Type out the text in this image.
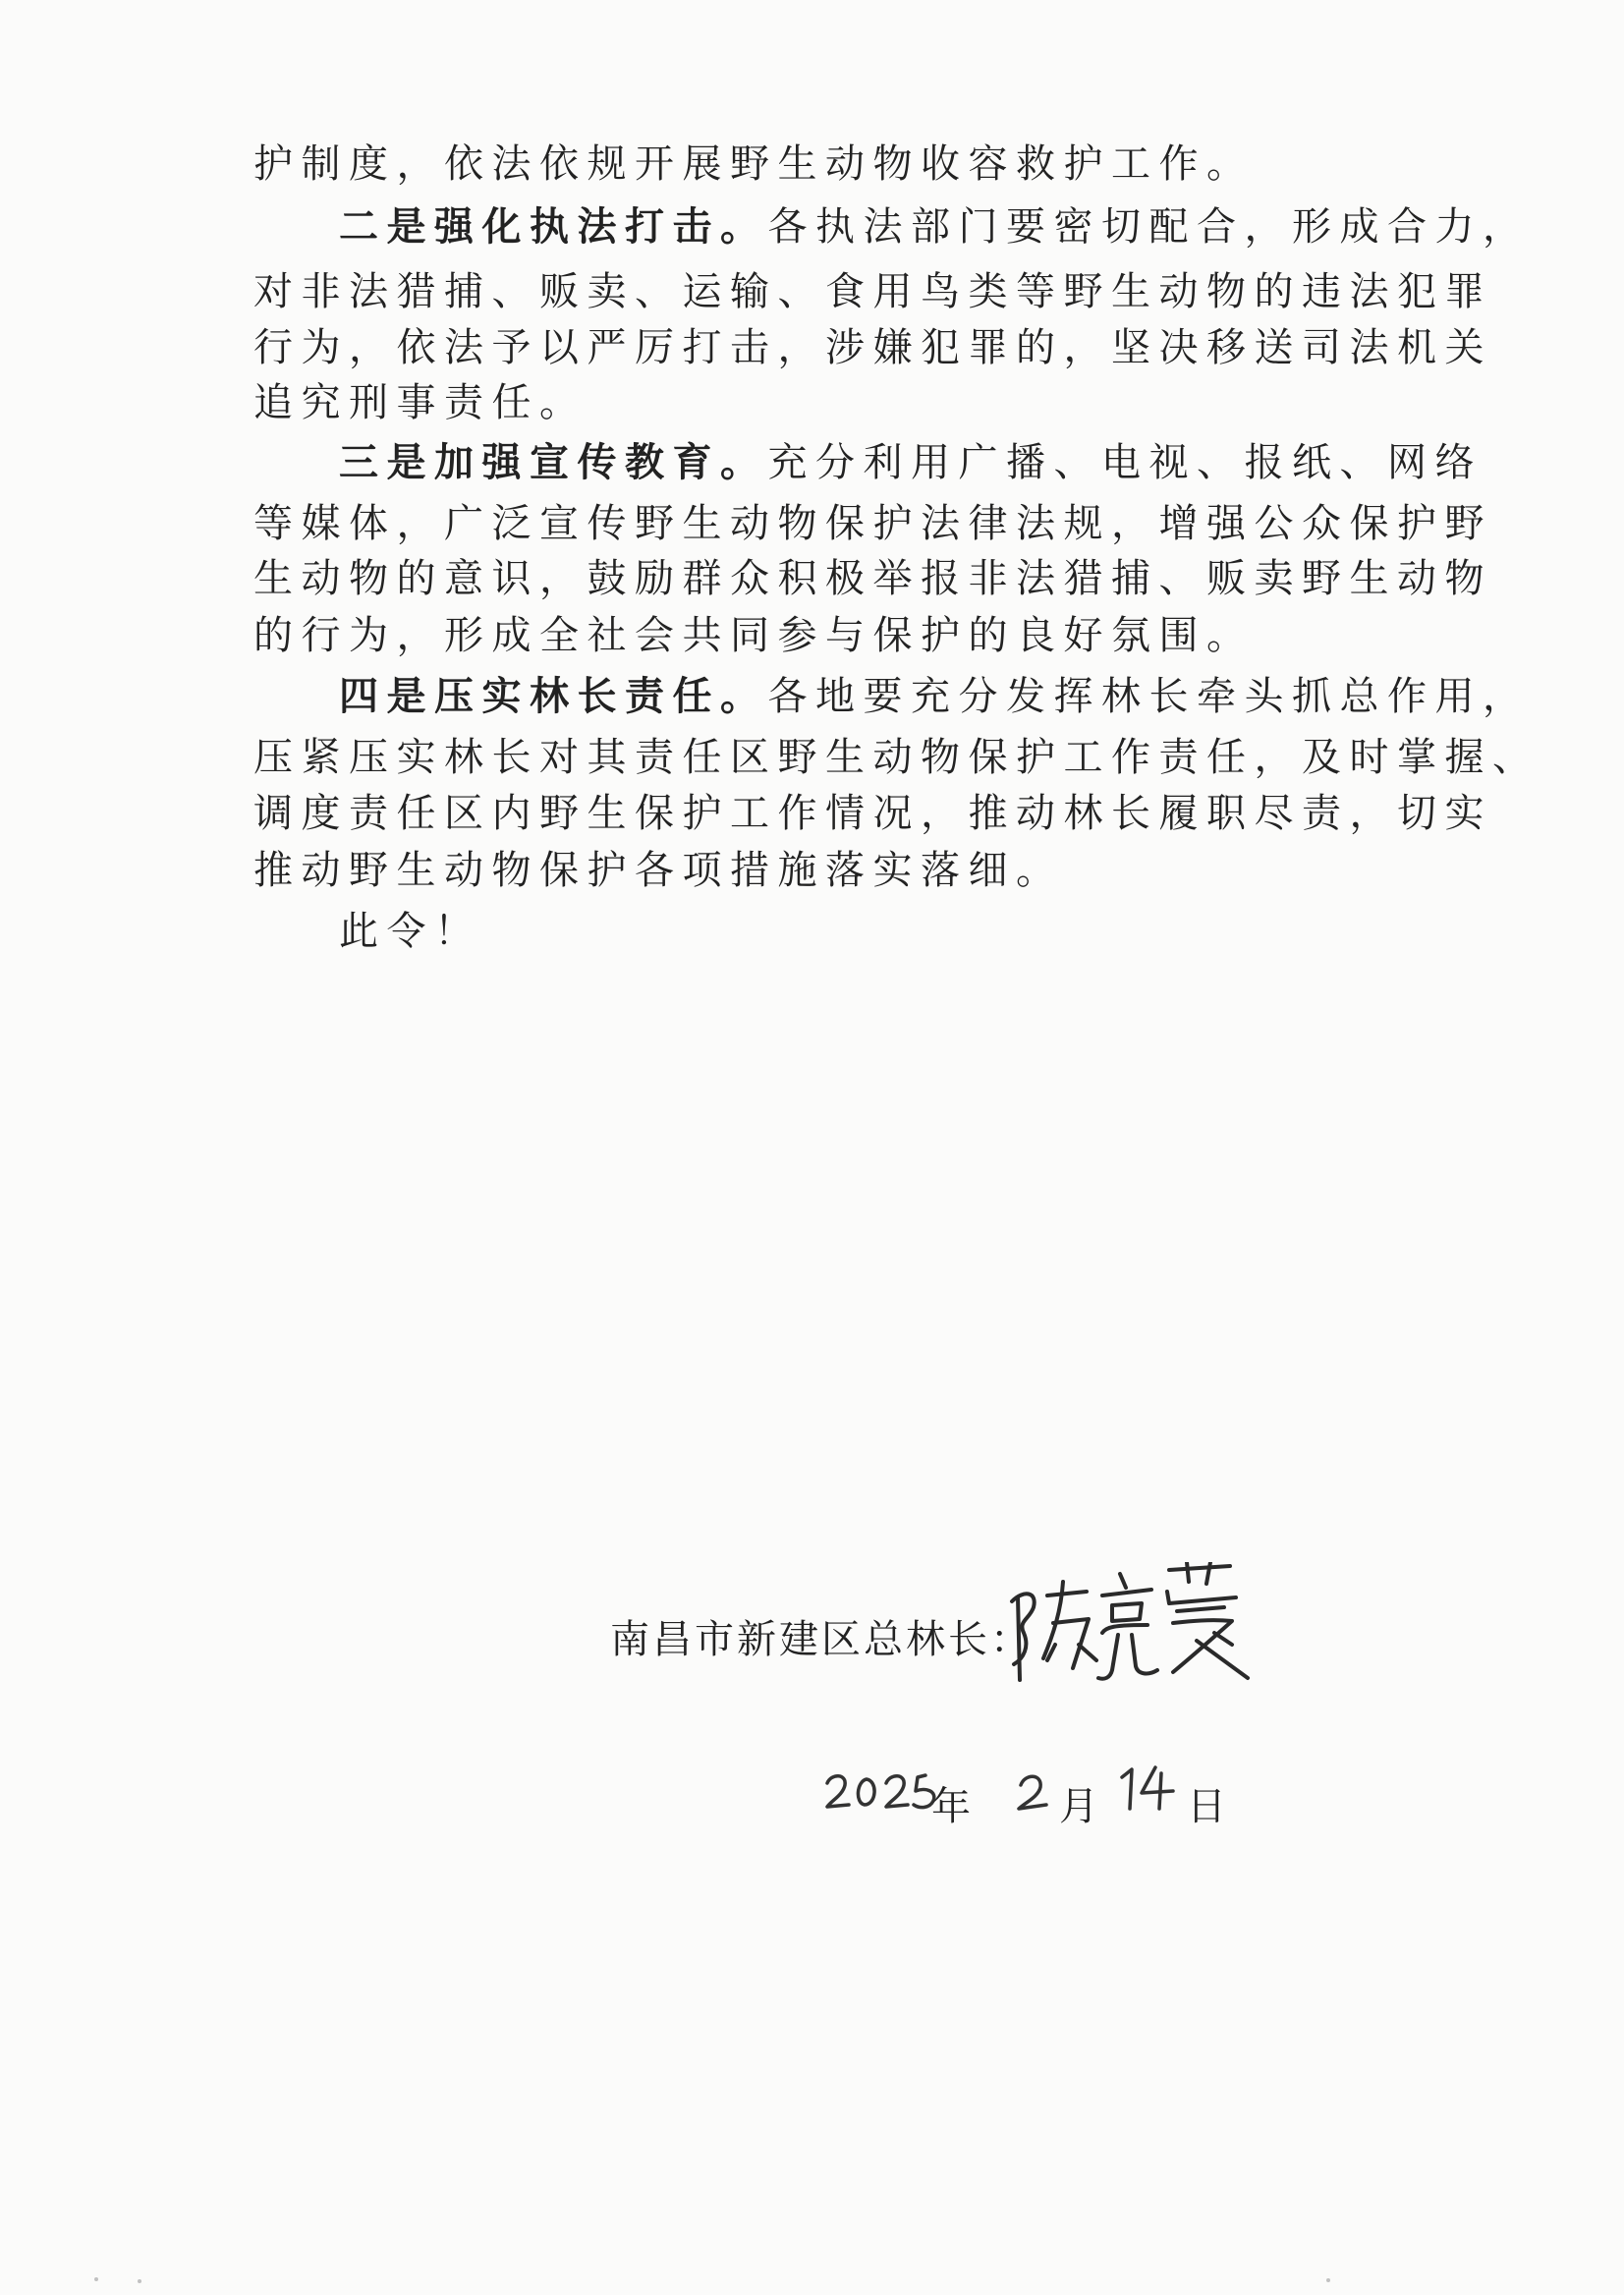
护制度，依法依规开展野生动物收容救护工作。
二是强化执法打击。各执法部门要密切配合，形成合力，
对非法猎捕、贩卖、运输、食用鸟类等野生动物的违法犯罪
行为，依法予以严厉打击，涉嫌犯罪的，坚决移送司法机关
追究刑事责任。
三是加强宣传教育。充分利用广播、电视、报纸、网络
等媒体，广泛宣传野生动物保护法律法规，增强公众保护野
生动物的意识，鼓励群众积极举报非法猎捕、贩卖野生动物
的行为，形成全社会共同参与保护的良好氛围。
四是压实林长责任。各地要充分发挥林长牵头抓总作用，
压紧压实林长对其责任区野生动物保护工作责任，及时掌握、
调度责任区内野生保护工作情况，推动林长履职尽责，切实
推动野生动物保护各项措施落实落细。
此令！
南昌市新建区总林长：
年 月 日
